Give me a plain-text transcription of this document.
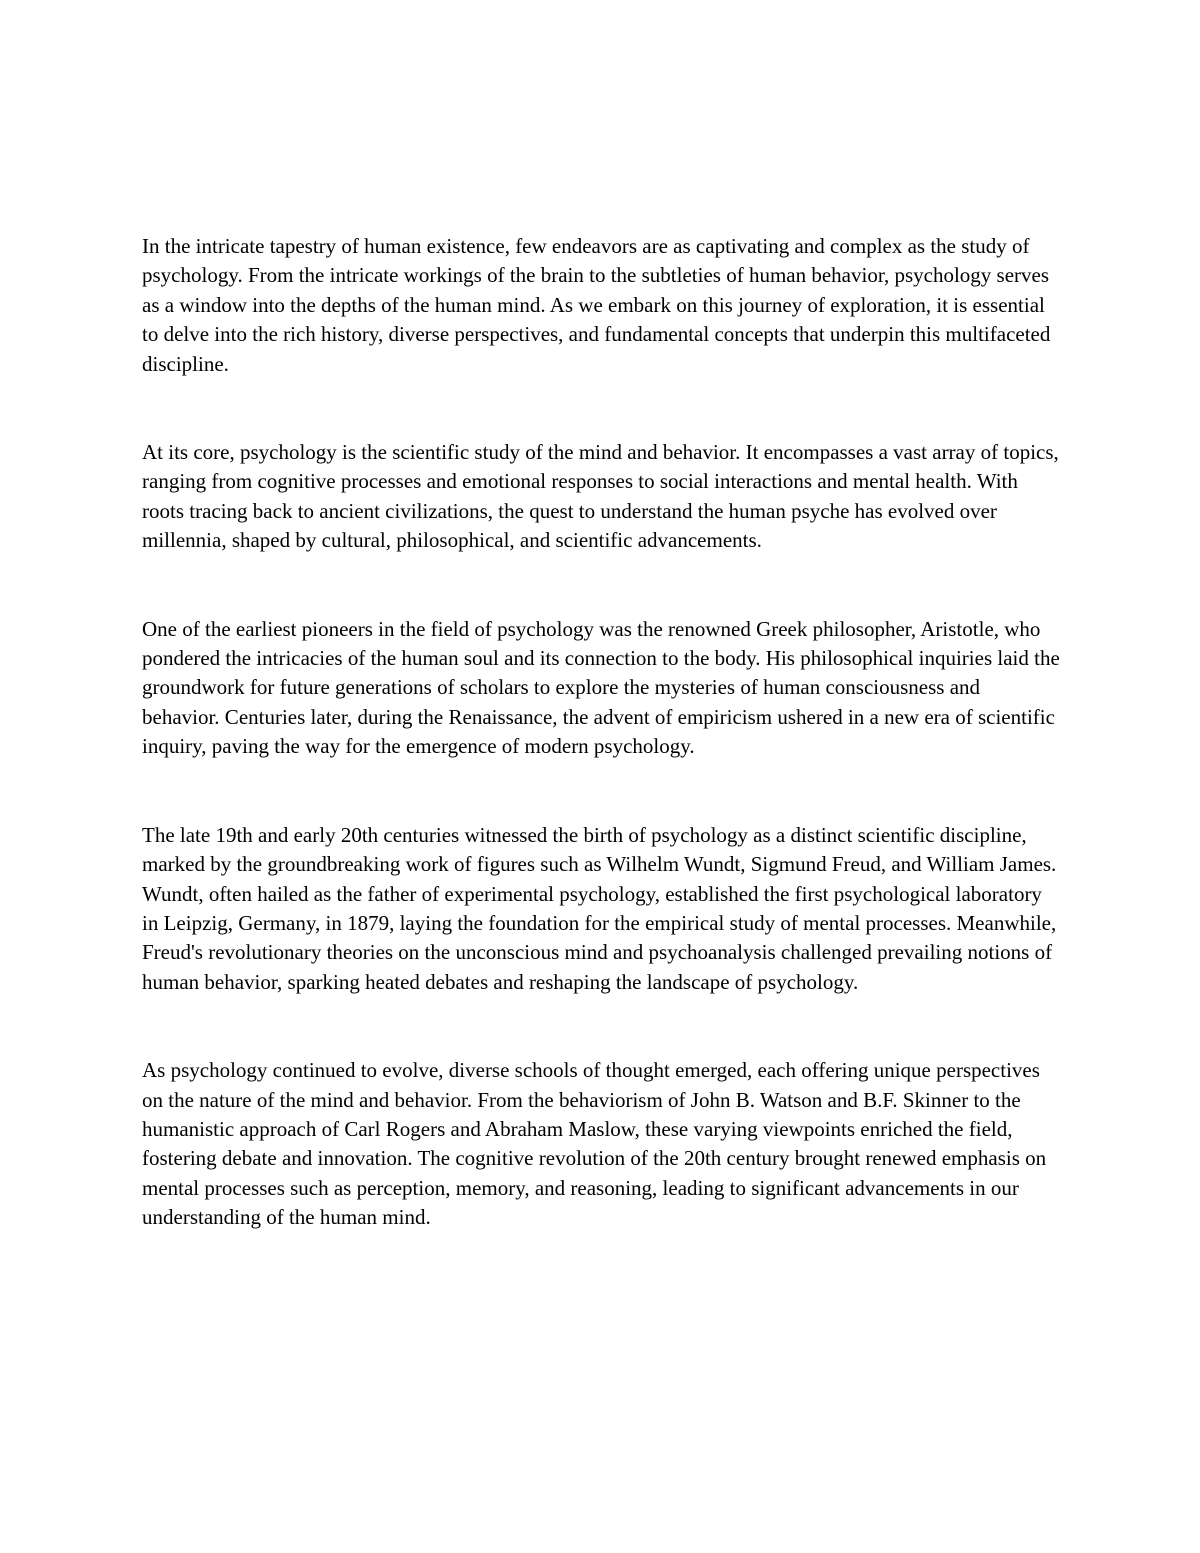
In the intricate tapestry of human existence, few endeavors are as captivating and complex as the study of psychology. From the intricate workings of the brain to the subtleties of human behavior, psychology serves as a window into the depths of the human mind. As we embark on this journey of exploration, it is essential to delve into the rich history, diverse perspectives, and fundamental concepts that underpin this multifaceted discipline.

At its core, psychology is the scientific study of the mind and behavior. It encompasses a vast array of topics, ranging from cognitive processes and emotional responses to social interactions and mental health. With roots tracing back to ancient civilizations, the quest to understand the human psyche has evolved over millennia, shaped by cultural, philosophical, and scientific advancements.

One of the earliest pioneers in the field of psychology was the renowned Greek philosopher, Aristotle, who pondered the intricacies of the human soul and its connection to the body. His philosophical inquiries laid the groundwork for future generations of scholars to explore the mysteries of human consciousness and behavior. Centuries later, during the Renaissance, the advent of empiricism ushered in a new era of scientific inquiry, paving the way for the emergence of modern psychology.

The late 19th and early 20th centuries witnessed the birth of psychology as a distinct scientific discipline, marked by the groundbreaking work of figures such as Wilhelm Wundt, Sigmund Freud, and William James. Wundt, often hailed as the father of experimental psychology, established the first psychological laboratory in Leipzig, Germany, in 1879, laying the foundation for the empirical study of mental processes. Meanwhile, Freud's revolutionary theories on the unconscious mind and psychoanalysis challenged prevailing notions of human behavior, sparking heated debates and reshaping the landscape of psychology.

As psychology continued to evolve, diverse schools of thought emerged, each offering unique perspectives on the nature of the mind and behavior. From the behaviorism of John B. Watson and B.F. Skinner to the humanistic approach of Carl Rogers and Abraham Maslow, these varying viewpoints enriched the field, fostering debate and innovation. The cognitive revolution of the 20th century brought renewed emphasis on mental processes such as perception, memory, and reasoning, leading to significant advancements in our understanding of the human mind.
